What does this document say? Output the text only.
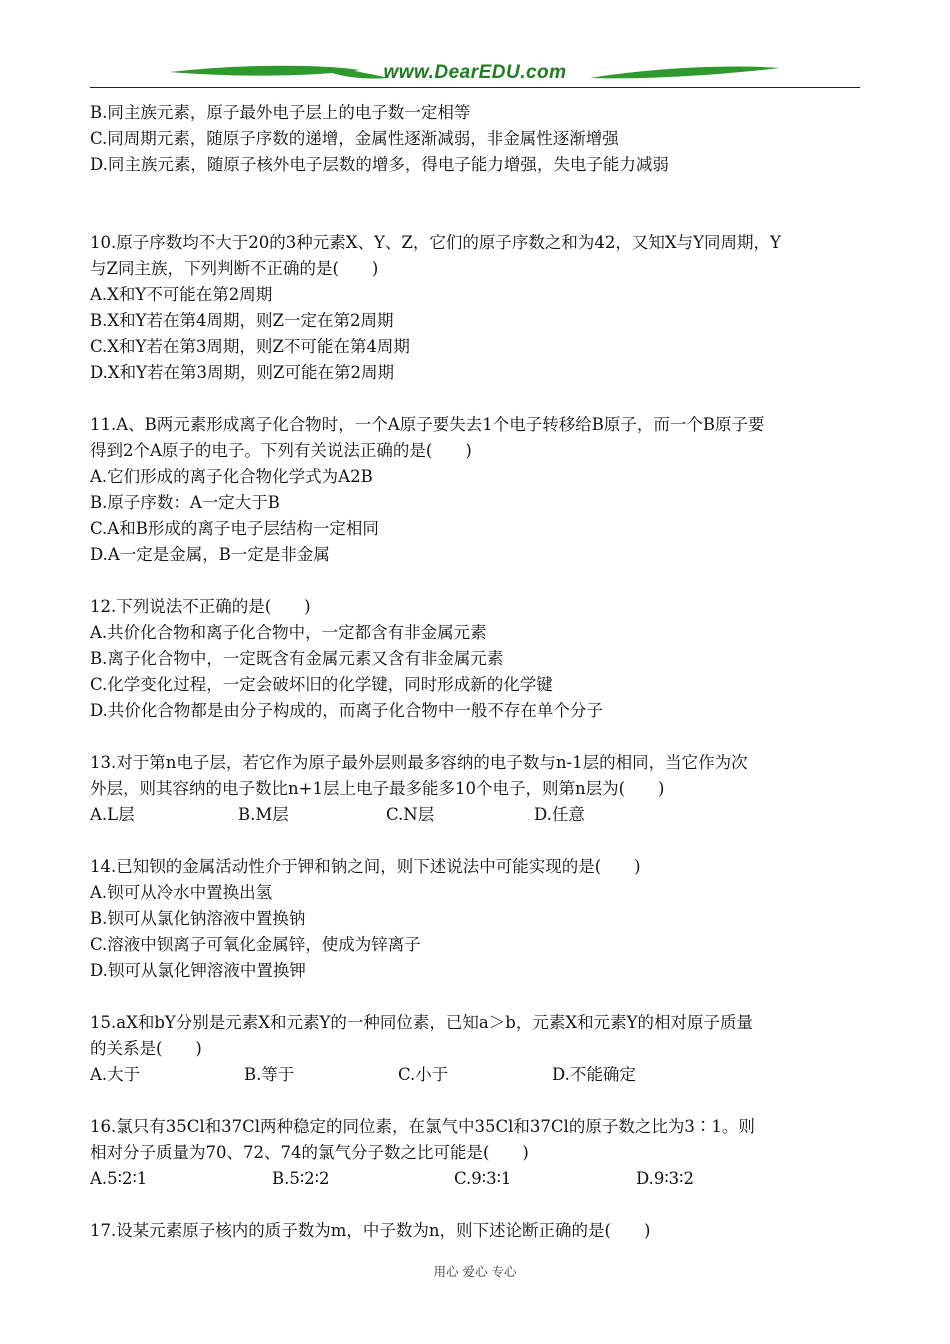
www.DearEDU.com
B.同主族元素，原子最外电子层上的电子数一定相等
C.同周期元素，随原子序数的递增，金属性逐渐减弱，非金属性逐渐增强
D.同主族元素，随原子核外电子层数的增多，得电子能力增强，失电子能力减弱
10.原子序数均不大于20的3种元素X、Y、Z，它们的原子序数之和为42，又知X与Y同周期，Y
与Z同主族，下列判断不正确的是(　　)
A.X和Y不可能在第2周期
B.X和Y若在第4周期，则Z一定在第2周期
C.X和Y若在第3周期，则Z不可能在第4周期
D.X和Y若在第3周期，则Z可能在第2周期
11.A、B两元素形成离子化合物时，一个A原子要失去1个电子转移给B原子，而一个B原子要
得到2个A原子的电子。下列有关说法正确的是(　　)
A.它们形成的离子化合物化学式为A2B
B.原子序数：A一定大于B
C.A和B形成的离子电子层结构一定相同
D.A一定是金属，B一定是非金属
12.下列说法不正确的是(　　)
A.共价化合物和离子化合物中，一定都含有非金属元素
B.离子化合物中，一定既含有金属元素又含有非金属元素
C.化学变化过程，一定会破坏旧的化学键，同时形成新的化学键
D.共价化合物都是由分子构成的，而离子化合物中一般不存在单个分子
13.对于第n电子层，若它作为原子最外层则最多容纳的电子数与n-1层的相同，当它作为次
外层，则其容纳的电子数比n+1层上电子最多能多10个电子，则第n层为(　　)
A.L层	B.M层	C.N层	D.任意
14.已知钡的金属活动性介于钾和钠之间，则下述说法中可能实现的是(　　)
A.钡可从冷水中置换出氢
B.钡可从氯化钠溶液中置换钠
C.溶液中钡离子可氧化金属锌，使成为锌离子
D.钡可从氯化钾溶液中置换钾
15.aX和bY分别是元素X和元素Y的一种同位素，已知a＞b，元素X和元素Y的相对原子质量
的关系是(　　)
A.大于	B.等于	C.小于	D.不能确定
16.氯只有35Cl和37Cl两种稳定的同位素，在氯气中35Cl和37Cl的原子数之比为3∶1。则
相对分子质量为70、72、74的氯气分子数之比可能是(　　)
A.5∶2∶1	B.5∶2∶2	C.9∶3∶1	D.9∶3∶2
17.设某元素原子核内的质子数为m，中子数为n，则下述论断正确的是(　　)
用心 爱心 专心
